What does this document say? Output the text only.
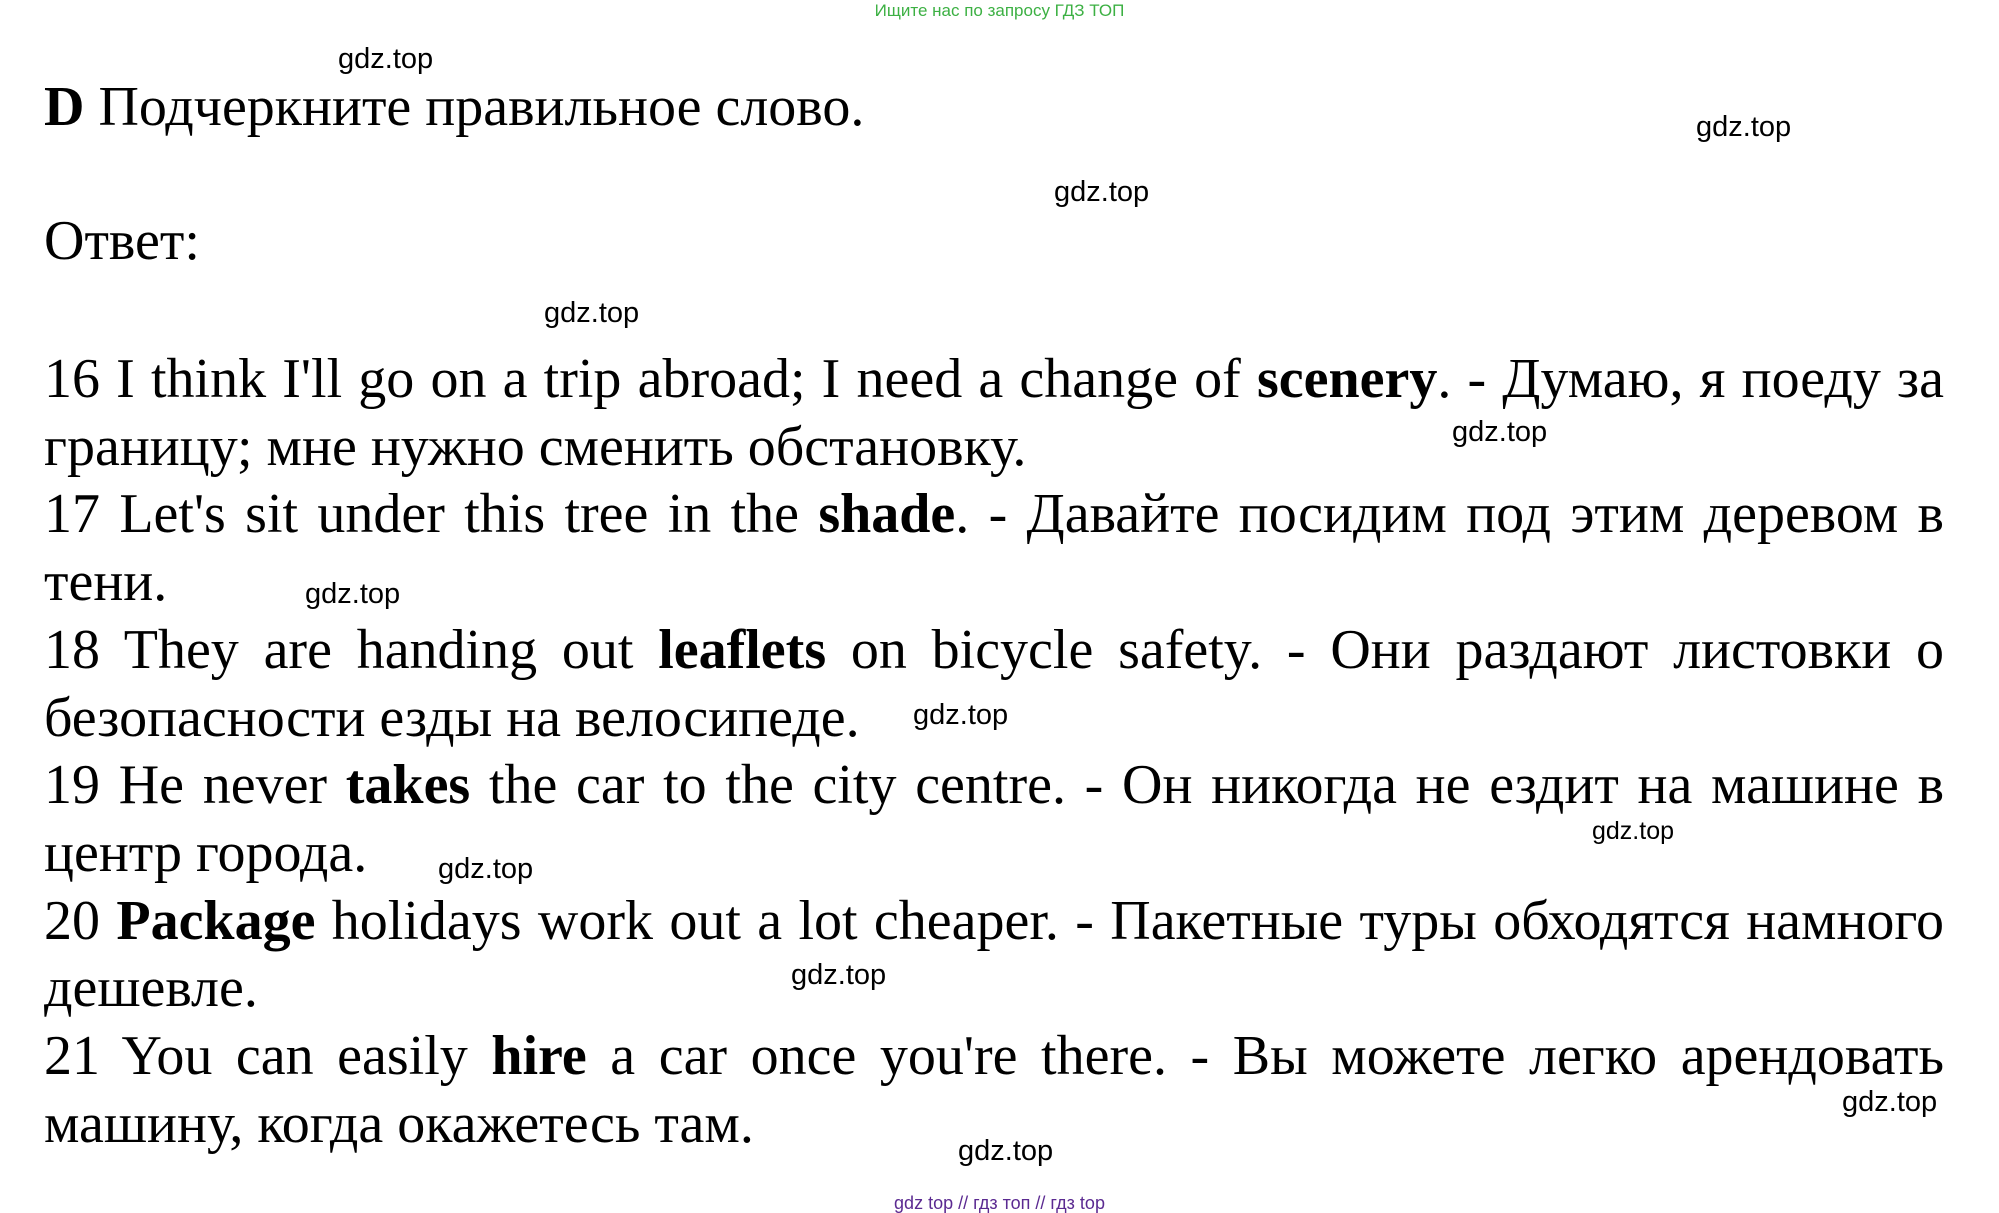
Ищите нас по запросу ГДЗ ТОП
D Подчеркните правильное слово.
Ответ:

16 I think I'll go on a trip abroad; I need a change of scenery. - Думаю, я поеду за границу; мне нужно сменить обстановку.

17 Let's sit under this tree in the shade. - Давайте посидим под этим деревом в тени.

18 They are handing out leaflets on bicycle safety. - Они раздают листовки о безопасности езды на велосипеде.

19 He never takes the car to the city centre. - Он никогда не ездит на машине в центр города.

20 Package holidays work out a lot cheaper. - Пакетные туры обходятся намного дешевле.

21 You can easily hire a car once you're there. - Вы можете легко арендовать машину, когда окажетесь там.

gdz.top
gdz.top
gdz.top
gdz.top
gdz.top
gdz.top
gdz.top
gdz.top
gdz.top
gdz.top
gdz.top
gdz.top
gdz top // гдз топ // гдз top
